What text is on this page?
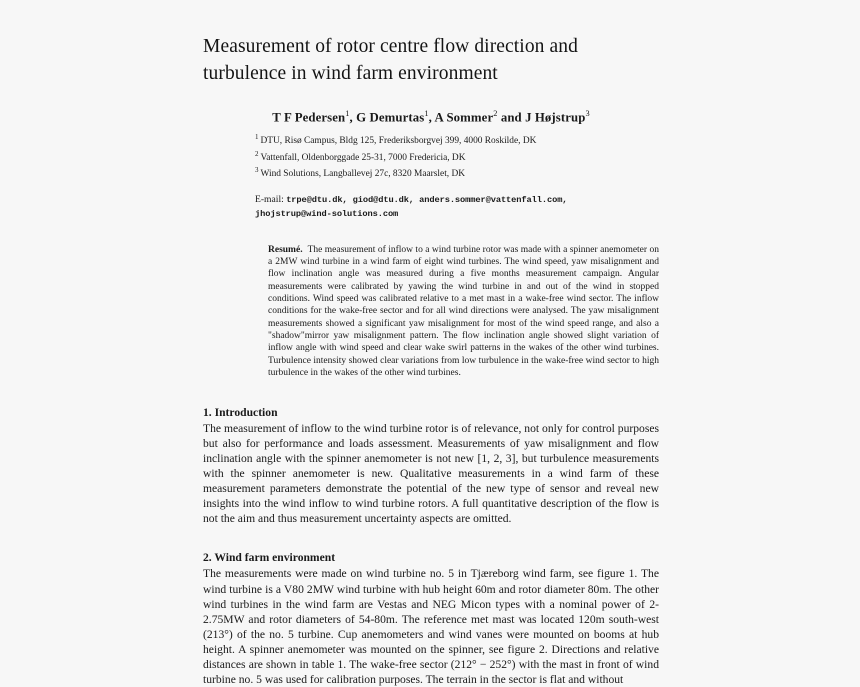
Measurement of rotor centre flow direction and
turbulence in wind farm environment
T F Pedersen$^1$, G Demurtas$^1$, A Sommer$^2$ and J Højstrup$^3$
$^1$ DTU, Risø Campus, Bldg 125, Frederiksborgvej 399, 4000 Roskilde, DK
$^2$ Vattenfall, Oldenborggade 25-31, 7000 Fredericia, DK
$^3$ Wind Solutions, Langballevej 27c, 8320 Maarslet, DK
E-mail: trpe@dtu.dk, giod@dtu.dk, anders.sommer@vattenfall.com,
jhojstrup@wind-solutions.com
Resumé. The measurement of inflow to a wind turbine rotor was made with a spinner anemometer on a 2MW wind turbine in a wind farm of eight wind turbines. The wind speed, yaw misalignment and flow inclination angle was measured during a five months measurement campaign. Angular measurements were calibrated by yawing the wind turbine in and out of the wind in stopped conditions. Wind speed was calibrated relative to a met mast in a wake-free wind sector. The inflow conditions for the wake-free sector and for all wind directions were analysed. The yaw misalignment measurements showed a significant yaw misalignment for most of the wind speed range, and also a "shadow"mirror yaw misalignment pattern. The flow inclination angle showed slight variation of inflow angle with wind speed and clear wake swirl patterns in the wakes of the other wind turbines. Turbulence intensity showed clear variations from low turbulence in the wake-free wind sector to high turbulence in the wakes of the other wind turbines.
1. Introduction
The measurement of inflow to the wind turbine rotor is of relevance, not only for control purposes but also for performance and loads assessment. Measurements of yaw misalignment and flow inclination angle with the spinner anemometer is not new [1, 2, 3], but turbulence measurements with the spinner anemometer is new. Qualitative measurements in a wind farm of these measurement parameters demonstrate the potential of the new type of sensor and reveal new insights into the wind inflow to wind turbine rotors. A full quantitative description of the flow is not the aim and thus measurement uncertainty aspects are omitted.
2. Wind farm environment
The measurements were made on wind turbine no. 5 in Tjæreborg wind farm, see figure 1. The wind turbine is a V80 2MW wind turbine with hub height 60m and rotor diameter 80m. The other wind turbines in the wind farm are Vestas and NEG Micon types with a nominal power of 2-2.75MW and rotor diameters of 54-80m. The reference met mast was located 120m south-west (213°) of the no. 5 turbine. Cup anemometers and wind vanes were mounted on booms at hub height. A spinner anemometer was mounted on the spinner, see figure 2. Directions and relative distances are shown in table 1. The wake-free sector (212° − 252°) with the mast in front of wind turbine no. 5 was used for calibration purposes. The terrain in the sector is flat and without
